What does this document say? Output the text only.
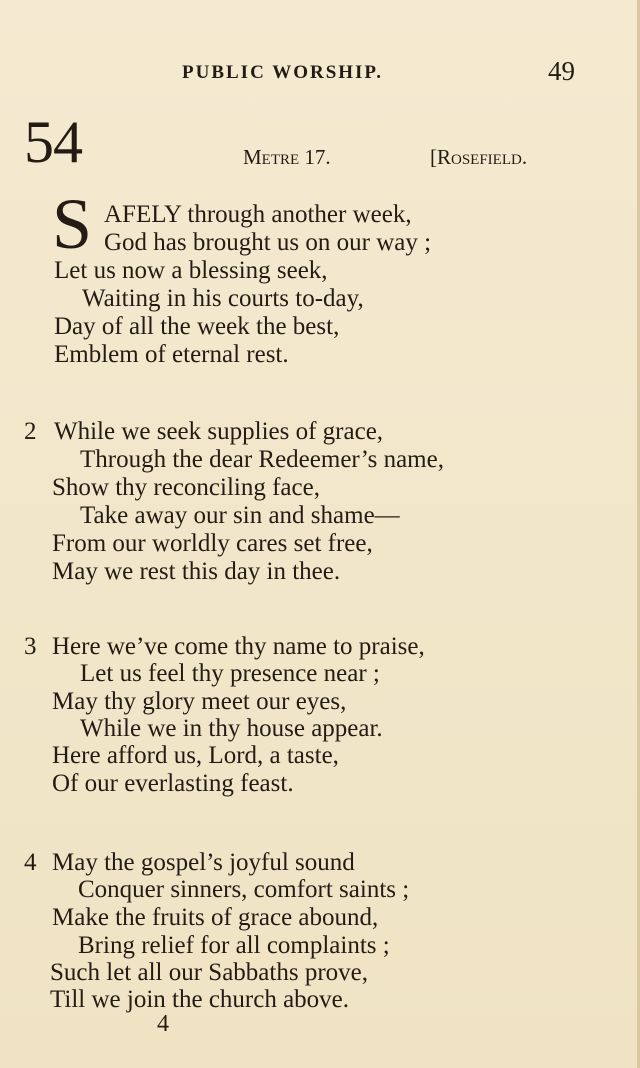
PUBLIC WORSHIP.	49
54	Metre 17.	[Rosefield.
S AFELY through another week,
God has brought us on our way ;
Let us now a blessing seek,
Waiting in his courts to-day,
Day of all the week the best,
Emblem of eternal rest.
2 While we seek supplies of grace,
Through the dear Redeemer’s name,
Show thy reconciling face,
Take away our sin and shame—
From our worldly cares set free,
May we rest this day in thee.
3 Here we’ve come thy name to praise,
Let us feel thy presence near ;
May thy glory meet our eyes,
While we in thy house appear.
Here afford us, Lord, a taste,
Of our everlasting feast.
4 May the gospel’s joyful sound
Conquer sinners, comfort saints ;
Make the fruits of grace abound,
Bring relief for all complaints ;
Such let all our Sabbaths prove,
Till we join the church above.
4
